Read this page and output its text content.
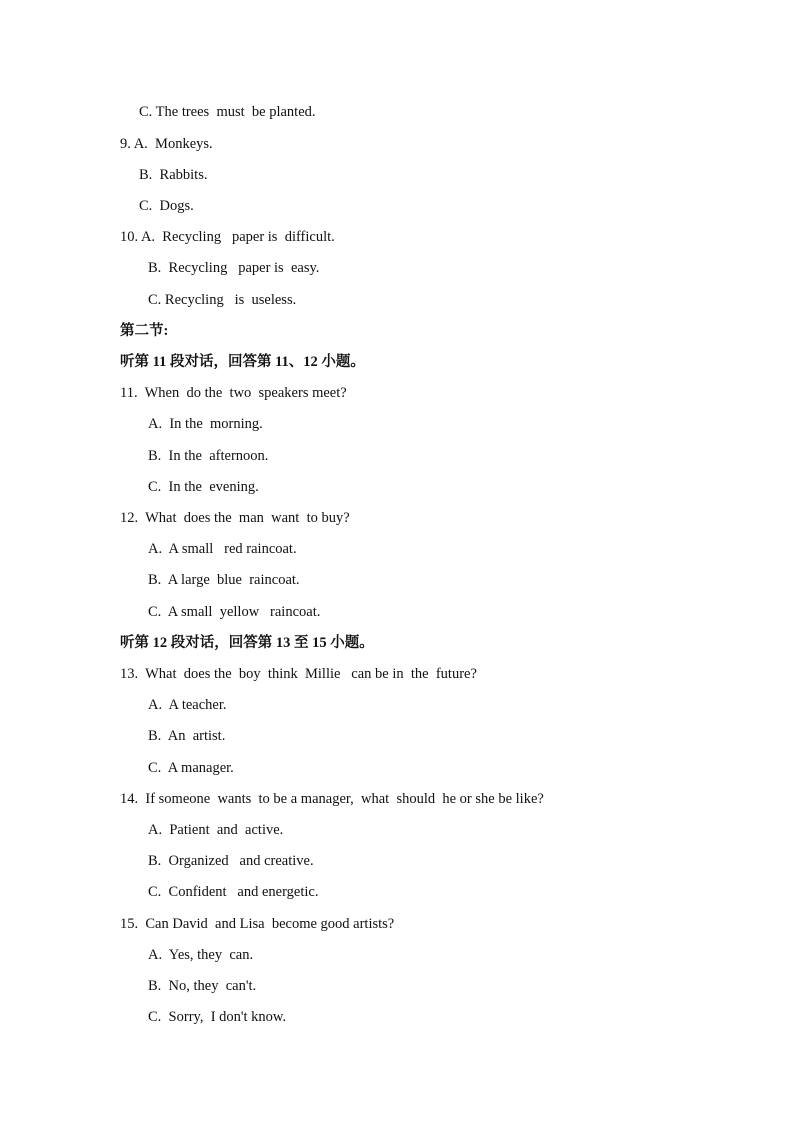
C. The trees  must  be planted.
9. A.  Monkeys.
B.  Rabbits.
C.  Dogs.
10. A.  Recycling   paper is  difficult.
B.  Recycling   paper is  easy.
C. Recycling   is  useless.
第二节:
听第 11 段对话，回答第 11、12 小题。
11.  When  do the  two  speakers meet?
A.  In the  morning.
B.  In the  afternoon.
C.  In the  evening.
12.  What  does the  man  want  to buy?
A.  A small   red raincoat.
B.  A large  blue  raincoat.
C.  A small  yellow   raincoat.
听第 12 段对话，回答第 13 至 15 小题。
13.  What  does the  boy  think  Millie   can be in  the  future?
A.  A teacher.
B.  An  artist.
C.  A manager.
14.  If someone  wants  to be a manager,  what  should  he or she be like?
A.  Patient  and  active.
B.  Organized   and creative.
C.  Confident   and energetic.
15.  Can David  and Lisa  become good artists?
A.  Yes, they  can.
B.  No, they  can't.
C.  Sorry,  I don't know.
